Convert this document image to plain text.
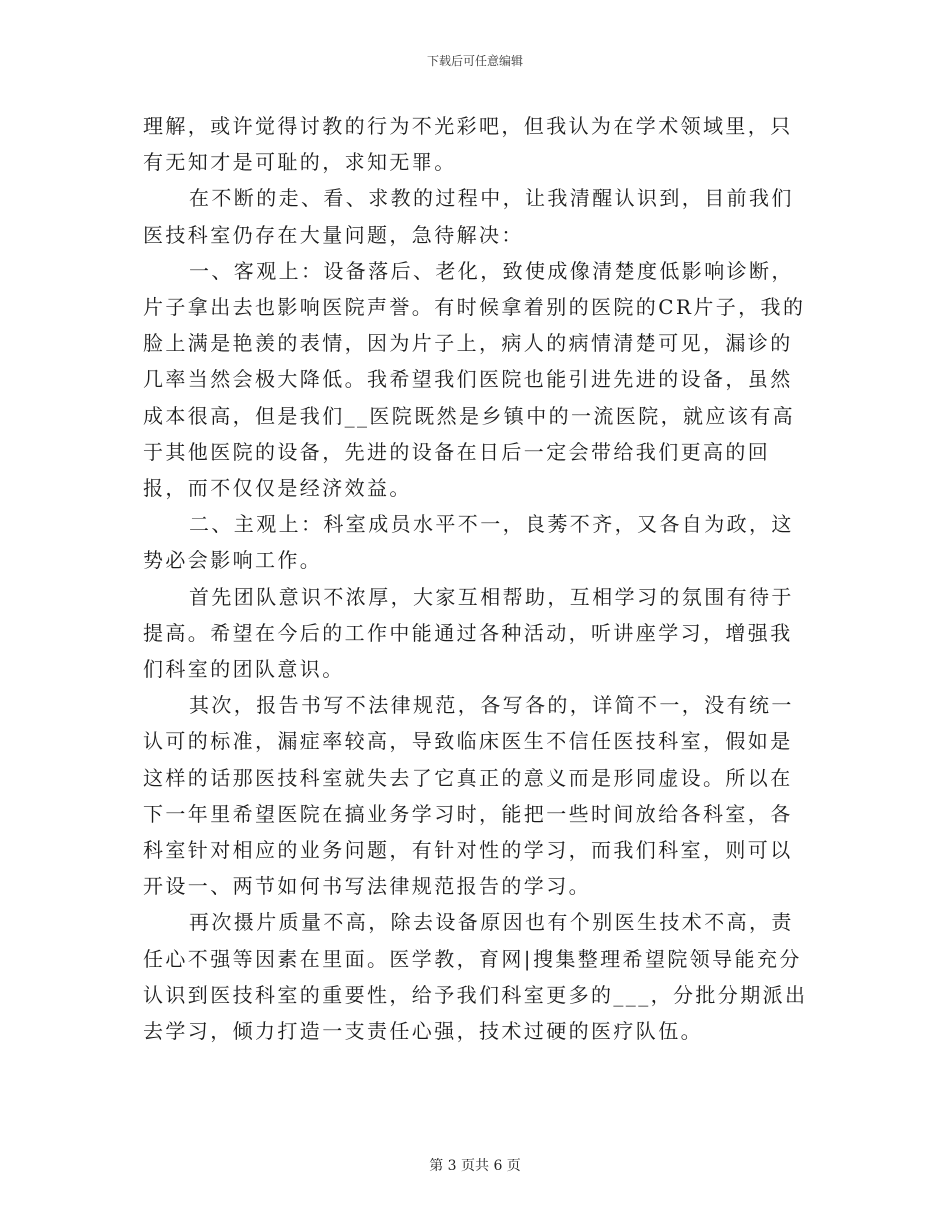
下载后可任意编辑

理解，或许觉得讨教的行为不光彩吧，但我认为在学术领域里，只有无知才是可耻的，求知无罪。

在不断的走、看、求教的过程中，让我清醒认识到，目前我们医技科室仍存在大量问题，急待解决：

一、客观上：设备落后、老化，致使成像清楚度低影响诊断，片子拿出去也影响医院声誉。有时候拿着别的医院的CR片子，我的脸上满是艳羡的表情，因为片子上，病人的病情清楚可见，漏诊的几率当然会极大降低。我希望我们医院也能引进先进的设备，虽然成本很高，但是我们__医院既然是乡镇中的一流医院，就应该有高于其他医院的设备，先进的设备在日后一定会带给我们更高的回报，而不仅仅是经济效益。

二、主观上：科室成员水平不一，良莠不齐，又各自为政，这势必会影响工作。

首先团队意识不浓厚，大家互相帮助，互相学习的氛围有待于提高。希望在今后的工作中能通过各种活动，听讲座学习，增强我们科室的团队意识。

其次，报告书写不法律规范，各写各的，详简不一，没有统一认可的标准，漏症率较高，导致临床医生不信任医技科室，假如是这样的话那医技科室就失去了它真正的意义而是形同虚设。所以在下一年里希望医院在搞业务学习时，能把一些时间放给各科室，各科室针对相应的业务问题，有针对性的学习，而我们科室，则可以开设一、两节如何书写法律规范报告的学习。

再次摄片质量不高，除去设备原因也有个别医生技术不高，责任心不强等因素在里面。医学教，育网|搜集整理希望院领导能充分认识到医技科室的重要性，给予我们科室更多的___，分批分期派出去学习，倾力打造一支责任心强，技术过硬的医疗队伍。

第 3 页共 6 页
